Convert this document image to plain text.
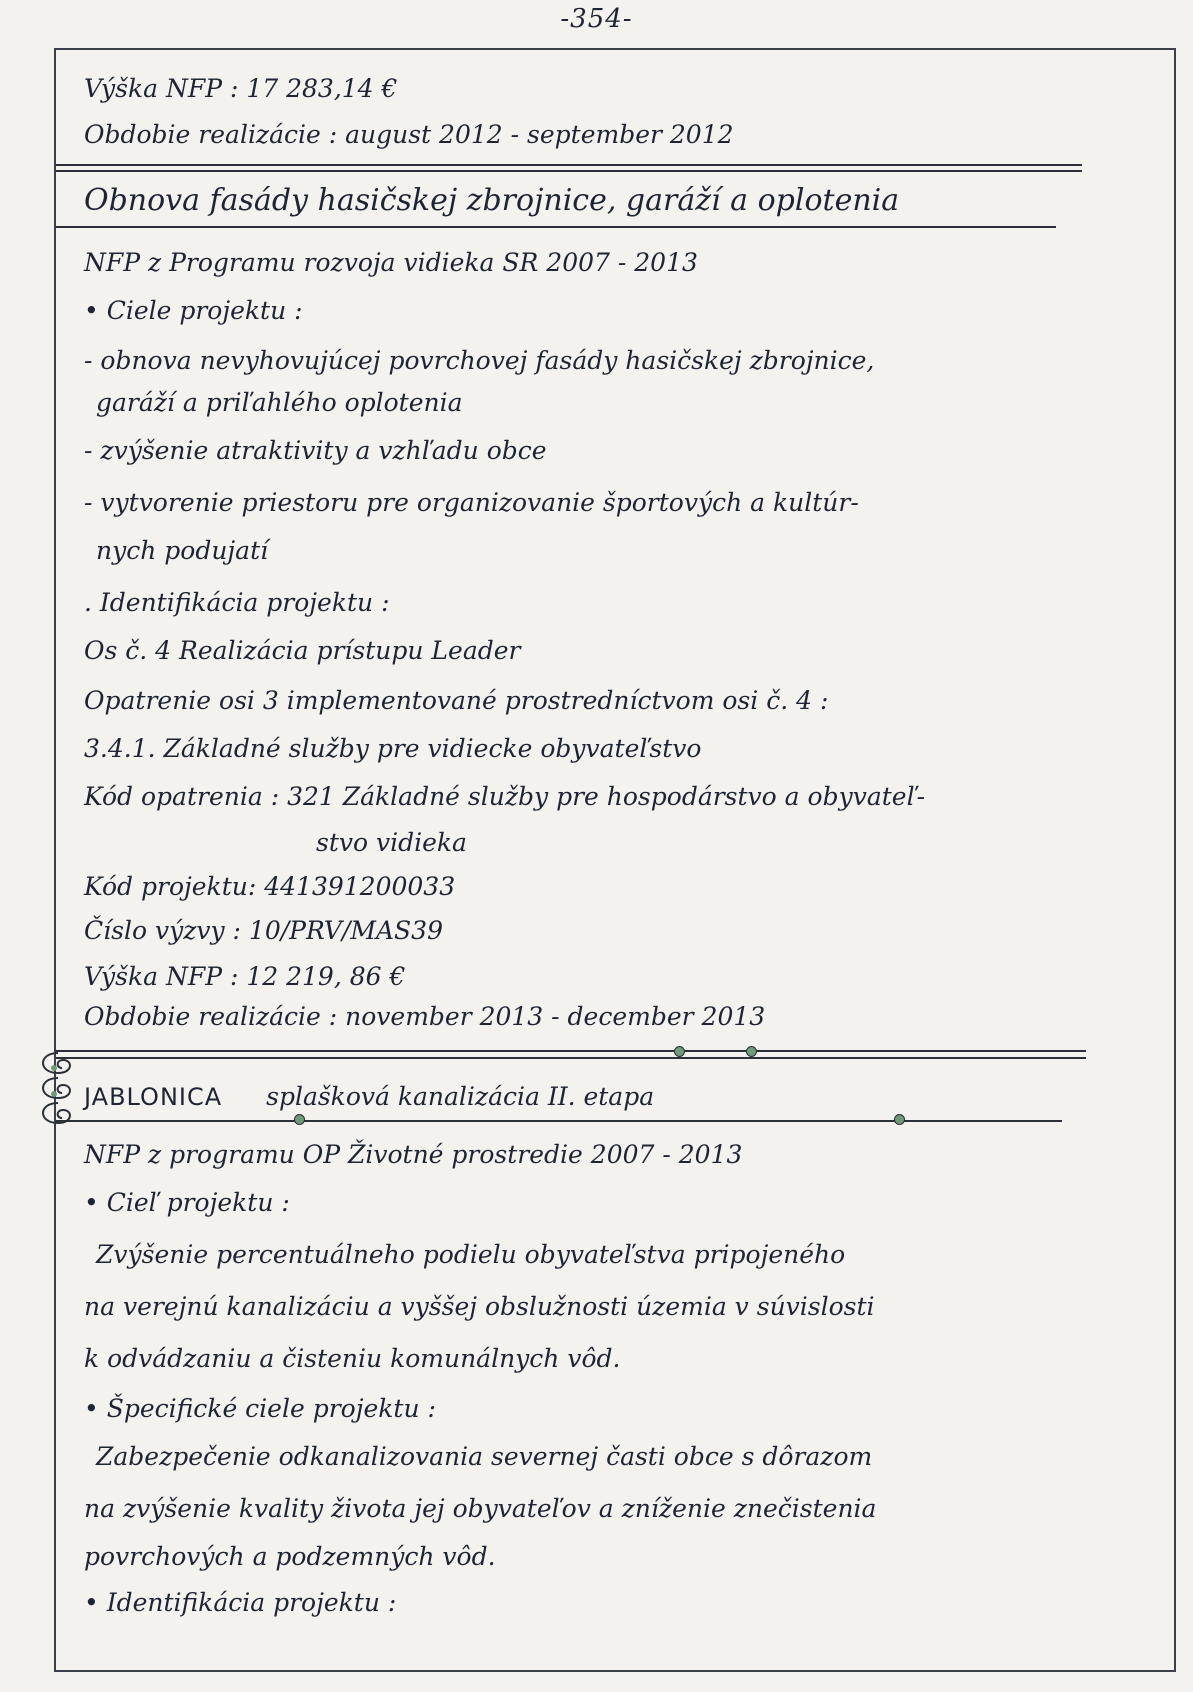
-354-
Výška NFP : 17 283,14 €
Obdobie realizácie : august 2012 - september 2012
Obnova fasády hasičskej zbrojnice, garáží a oplotenia
NFP z Programu rozvoja vidieka SR 2007 - 2013
• Ciele projektu :
- obnova nevyhovujúcej povrchovej fasády hasičskej zbrojnice,
garáží a priľahlého oplotenia
- zvýšenie atraktivity a vzhľadu obce
- vytvorenie priestoru pre organizovanie športových a kultúr-
nych podujatí
. Identifikácia projektu :
Os č. 4 Realizácia prístupu Leader
Opatrenie osi 3 implementované prostredníctvom osi č. 4 :
3.4.1. Základné služby pre vidiecke obyvateľstvo
Kód opatrenia : 321 Základné služby pre hospodárstvo a obyvateľ-
stvo vidieka
Kód projektu: 441391200033
Číslo výzvy : 10/PRV/MAS39
Výška NFP : 12 219, 86 €
Obdobie realizácie : november 2013 - december 2013
JABLONICA splašková kanalizácia II. etapa
NFP z programu OP Životné prostredie 2007 - 2013
• Cieľ projektu :
Zvýšenie percentuálneho podielu obyvateľstva pripojeného
na verejnú kanalizáciu a vyššej obslužnosti územia v súvislosti
k odvádzaniu a čisteniu komunálnych vôd.
• Špecifické ciele projektu :
Zabezpečenie odkanalizovania severnej časti obce s dôrazom
na zvýšenie kvality života jej obyvateľov a zníženie znečistenia
povrchových a podzemných vôd.
• Identifikácia projektu :
